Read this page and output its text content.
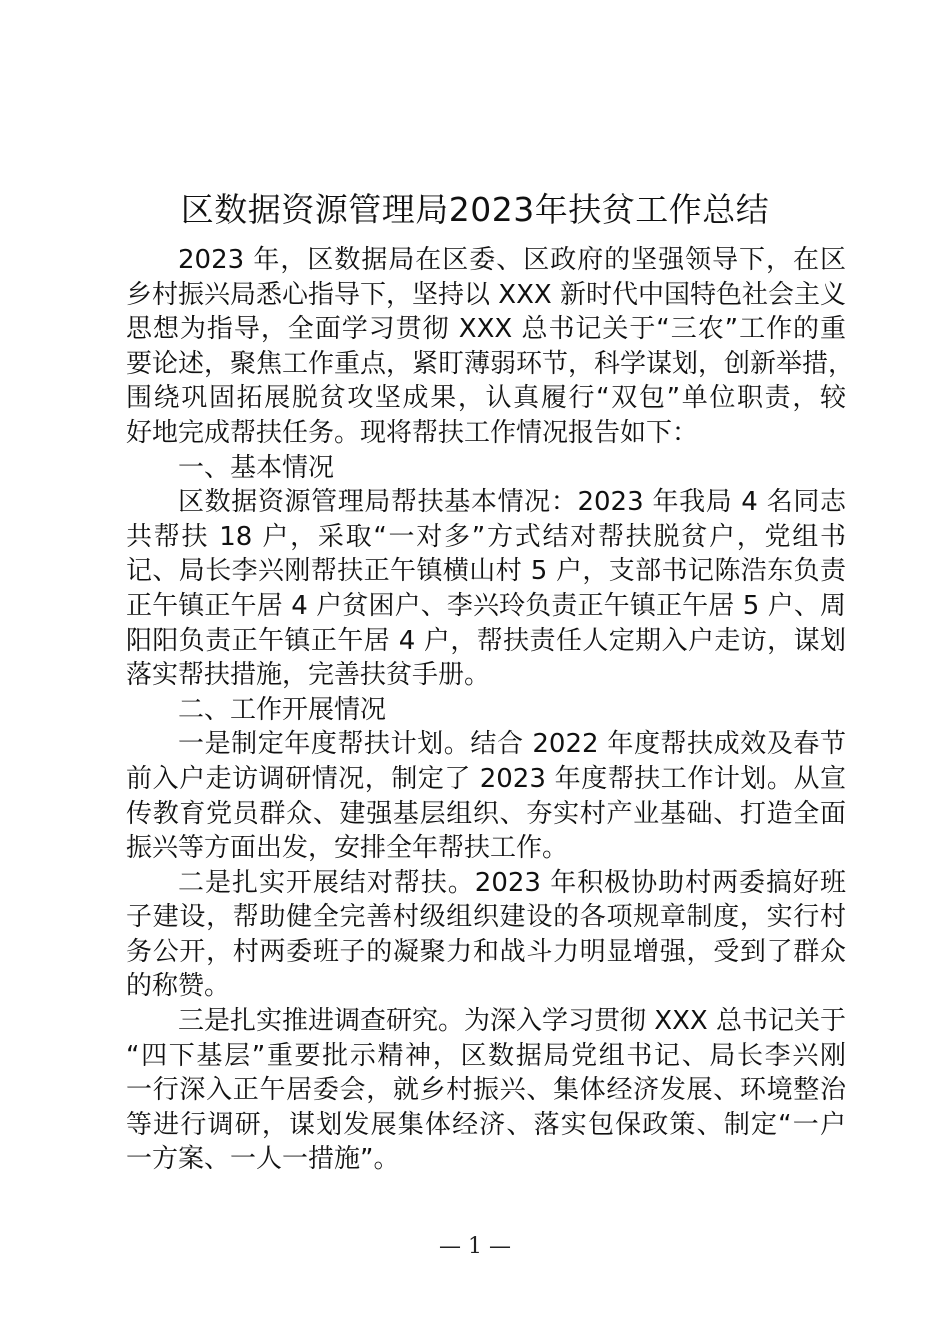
区数据资源管理局2023年扶贫工作总结
2023 年，区数据局在区委、区政府的坚强领导下，在区
乡村振兴局悉心指导下，坚持以 XXX 新时代中国特色社会主义
思想为指导，全面学习贯彻 XXX 总书记关于“三农”工作的重
要论述，聚焦工作重点，紧盯薄弱环节，科学谋划，创新举措，
围绕巩固拓展脱贫攻坚成果，认真履行“双包”单位职责，较
好地完成帮扶任务。现将帮扶工作情况报告如下：
一、基本情况
区数据资源管理局帮扶基本情况：2023 年我局 4 名同志
共帮扶 18 户，采取“一对多”方式结对帮扶脱贫户，党组书
记、局长李兴刚帮扶正午镇横山村 5 户，支部书记陈浩东负责
正午镇正午居 4 户贫困户、李兴玲负责正午镇正午居 5 户、周
阳阳负责正午镇正午居 4 户，帮扶责任人定期入户走访，谋划
落实帮扶措施，完善扶贫手册。
二、工作开展情况
一是制定年度帮扶计划。结合 2022 年度帮扶成效及春节
前入户走访调研情况，制定了 2023 年度帮扶工作计划。从宣
传教育党员群众、建强基层组织、夯实村产业基础、打造全面
振兴等方面出发，安排全年帮扶工作。
二是扎实开展结对帮扶。2023 年积极协助村两委搞好班
子建设，帮助健全完善村级组织建设的各项规章制度，实行村
务公开，村两委班子的凝聚力和战斗力明显增强，受到了群众
的称赞。
三是扎实推进调查研究。为深入学习贯彻 XXX 总书记关于
“四下基层”重要批示精神，区数据局党组书记、局长李兴刚
一行深入正午居委会，就乡村振兴、集体经济发展、环境整治
等进行调研，谋划发展集体经济、落实包保政策、制定“一户
一方案、一人一措施”。
— 1 —
